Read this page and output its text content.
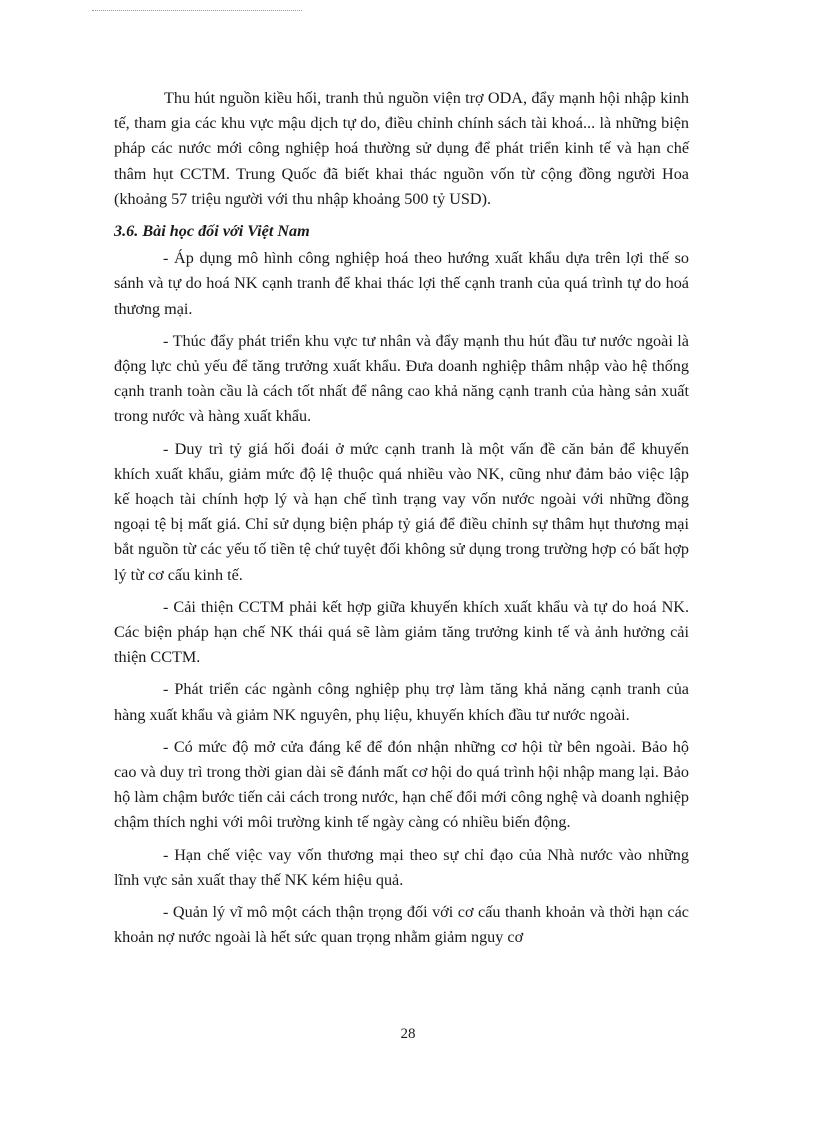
Thu hút nguồn kiều hối, tranh thủ nguồn viện trợ ODA, đẩy mạnh hội nhập kinh tế, tham gia các khu vực mậu dịch tự do, điều chỉnh chính sách tài khoá... là những biện pháp các nước mới công nghiệp hoá thường sử dụng để phát triển kinh tế và hạn chế thâm hụt CCTM. Trung Quốc đã biết khai thác nguồn vốn từ cộng đồng người Hoa (khoảng 57 triệu người với thu nhập khoảng 500 tỷ USD).

3.6. Bài học đối với Việt Nam

- Áp dụng mô hình công nghiệp hoá theo hướng xuất khẩu dựa trên lợi thế so sánh và tự do hoá NK cạnh tranh để khai thác lợi thế cạnh tranh của quá trình tự do hoá thương mại.

- Thúc đẩy phát triển khu vực tư nhân và đẩy mạnh thu hút đầu tư nước ngoài là động lực chủ yếu để tăng trưởng xuất khẩu. Đưa doanh nghiệp thâm nhập vào hệ thống cạnh tranh toàn cầu là cách tốt nhất để nâng cao khả năng cạnh tranh của hàng sản xuất trong nước và hàng xuất khẩu.

- Duy trì tỷ giá hối đoái ở mức cạnh tranh là một vấn đề căn bản để khuyến khích xuất khẩu, giảm mức độ lệ thuộc quá nhiều vào NK, cũng như đảm bảo việc lập kế hoạch tài chính hợp lý và hạn chế tình trạng vay vốn nước ngoài với những đồng ngoại tệ bị mất giá. Chỉ sử dụng biện pháp tỷ giá để điều chỉnh sự thâm hụt thương mại bắt nguồn từ các yếu tố tiền tệ chứ tuyệt đối không sử dụng trong trường hợp có bất hợp lý từ cơ cấu kinh tế.

- Cải thiện CCTM phải kết hợp giữa khuyến khích xuất khẩu và tự do hoá NK. Các biện pháp hạn chế NK thái quá sẽ làm giảm tăng trưởng kinh tế và ảnh hưởng cải thiện CCTM.

- Phát triển các ngành công nghiệp phụ trợ làm tăng khả năng cạnh tranh của hàng xuất khẩu và giảm NK nguyên, phụ liệu, khuyến khích đầu tư nước ngoài.

- Có mức độ mở cửa đáng kể để đón nhận những cơ hội từ bên ngoài. Bảo hộ cao và duy trì trong thời gian dài sẽ đánh mất cơ hội do quá trình hội nhập mang lại. Bảo hộ làm chậm bước tiến cải cách trong nước, hạn chế đổi mới công nghệ và doanh nghiệp chậm thích nghi với môi trường kinh tế ngày càng có nhiều biến động.

- Hạn chế việc vay vốn thương mại theo sự chỉ đạo của Nhà nước vào những lĩnh vực sản xuất thay thế NK kém hiệu quả.

- Quản lý vĩ mô một cách thận trọng đối với cơ cấu thanh khoản và thời hạn các khoản nợ nước ngoài là hết sức quan trọng nhằm giảm nguy cơ

28
